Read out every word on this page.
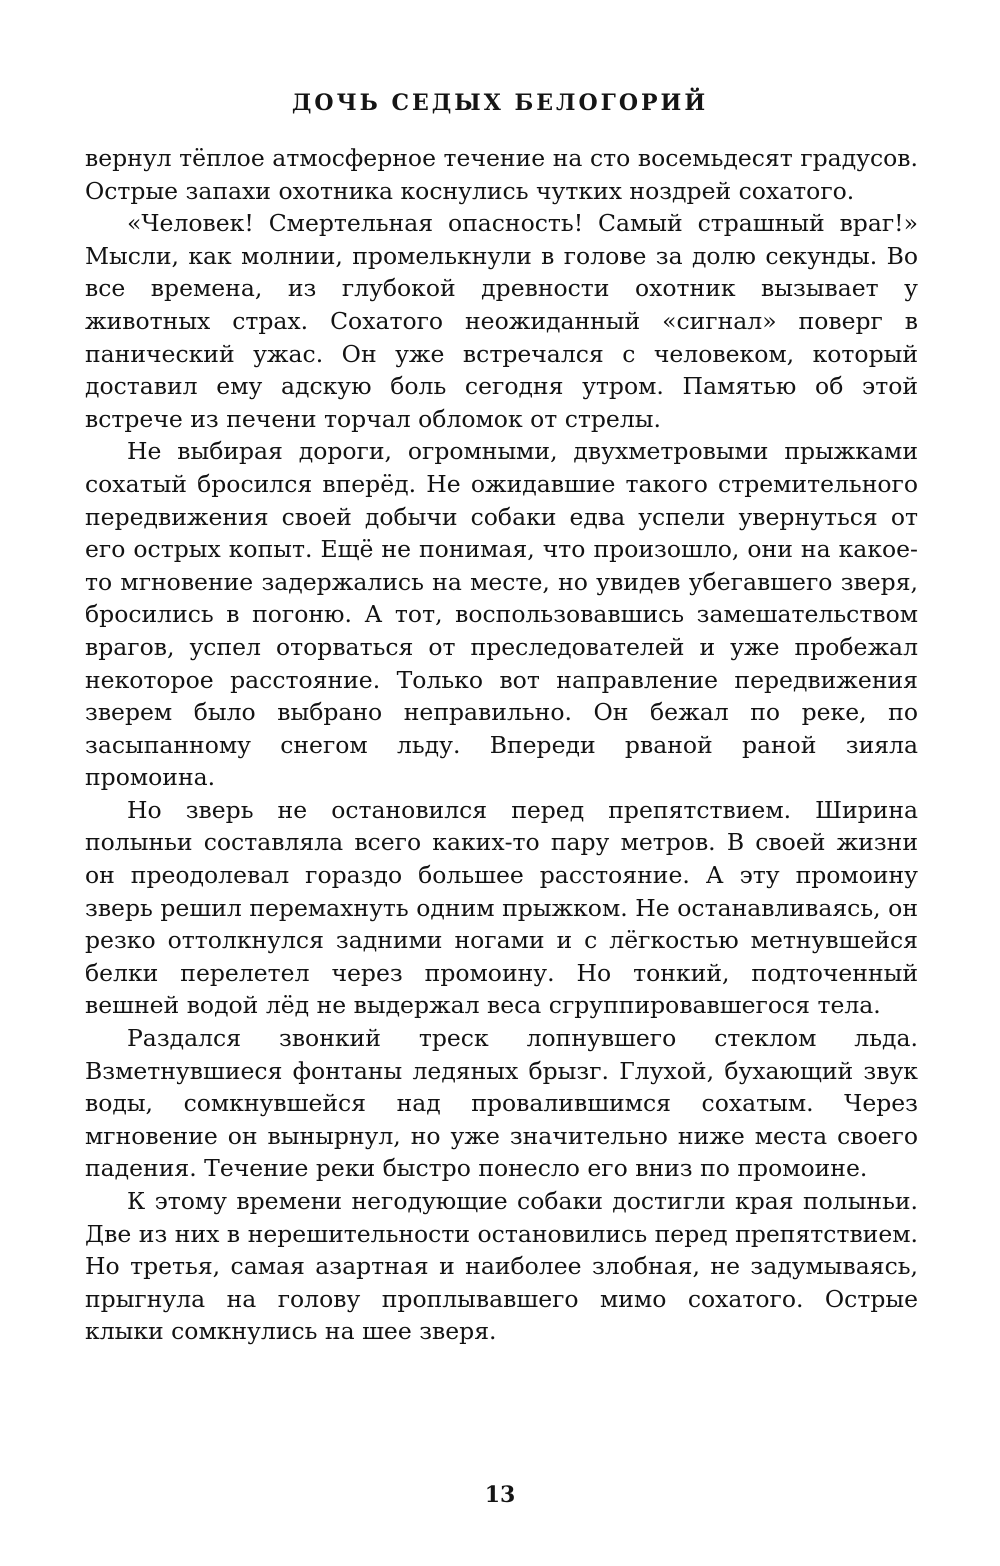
ДОЧЬ СЕДЫХ БЕЛОГОРИЙ

вернул тёплое атмосферное течение на сто восемьдесят градусов. Острые запахи охотника коснулись чутких ноздрей сохатого.

«Человек! Смертельная опасность! Самый страшный враг!» Мысли, как молнии, промелькнули в голове за долю секунды. Во все времена, из глубокой древности охотник вызывает у животных страх. Сохатого неожиданный «сигнал» поверг в панический ужас. Он уже встречался с человеком, который доставил ему адскую боль сегодня утром. Памятью об этой встрече из печени торчал обломок от стрелы.

Не выбирая дороги, огромными, двухметровыми прыжками сохатый бросился вперёд. Не ожидавшие такого стремительного передвижения своей добычи собаки едва успели увернуться от его острых копыт. Ещё не понимая, что произошло, они на какое-то мгновение задержались на месте, но увидев убегавшего зверя, бросились в погоню. А тот, воспользовавшись замешательством врагов, успел оторваться от преследователей и уже пробежал некоторое расстояние. Только вот направление передвижения зверем было выбрано неправильно. Он бежал по реке, по засыпанному снегом льду. Впереди рваной раной зияла промоина.

Но зверь не остановился перед препятствием. Ширина полыньи составляла всего каких-то пару метров. В своей жизни он преодолевал гораздо большее расстояние. А эту промоину зверь решил перемахнуть одним прыжком. Не останавливаясь, он резко оттолкнулся задними ногами и с лёгкостью метнувшейся белки перелетел через промоину. Но тонкий, подточенный вешней водой лёд не выдержал веса сгруппировавшегося тела.

Раздался звонкий треск лопнувшего стеклом льда. Взметнувшиеся фонтаны ледяных брызг. Глухой, бухающий звук воды, сомкнувшейся над провалившимся сохатым. Через мгновение он вынырнул, но уже значительно ниже места своего падения. Течение реки быстро понесло его вниз по промоине.

К этому времени негодующие собаки достигли края полыньи. Две из них в нерешительности остановились перед препятствием. Но третья, самая азартная и наиболее злобная, не задумываясь, прыгнула на голову проплывавшего мимо сохатого. Острые клыки сомкнулись на шее зверя.

13
